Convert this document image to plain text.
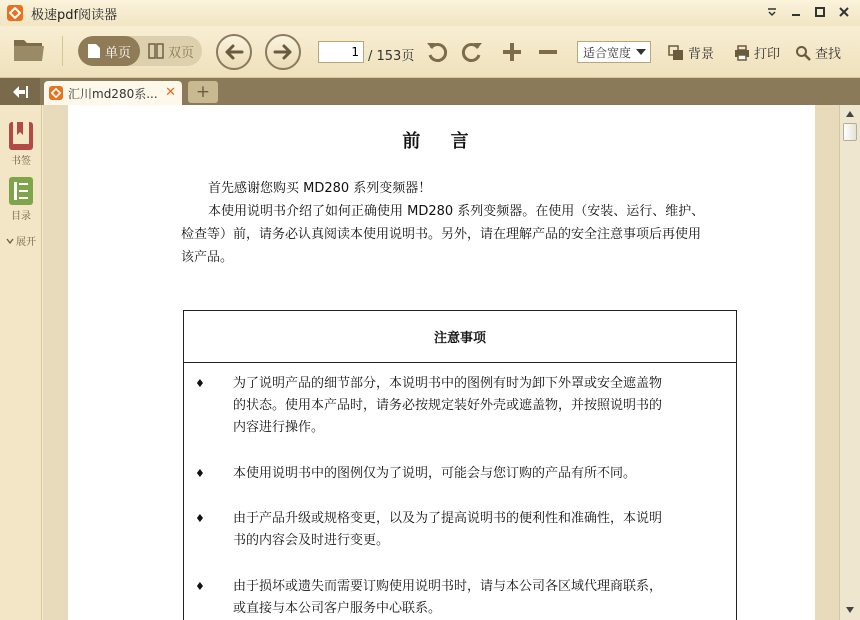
极速pdf阅读器
单页	双页
1	/ 153页	适合宽度	背景	打印	查找
汇川md280系... ✕	+
书签
目录
展开
前 言
首先感谢您购买 MD280 系列变频器！
本使用说明书介绍了如何正确使用 MD280 系列变频器。在使用（安装、运行、维护、
检查等）前，请务必认真阅读本使用说明书。另外，请在理解产品的安全注意事项后再使用
该产品。
注意事项
♦ 为了说明产品的细节部分，本说明书中的图例有时为卸下外罩或安全遮盖物
的状态。使用本产品时，请务必按规定装好外壳或遮盖物，并按照说明书的
内容进行操作。
♦ 本使用说明书中的图例仅为了说明，可能会与您订购的产品有所不同。
♦ 由于产品升级或规格变更，以及为了提高说明书的便利性和准确性，本说明
书的内容会及时进行变更。
♦ 由于损坏或遗失而需要订购使用说明书时，请与本公司各区域代理商联系，
或直接与本公司客户服务中心联系。
